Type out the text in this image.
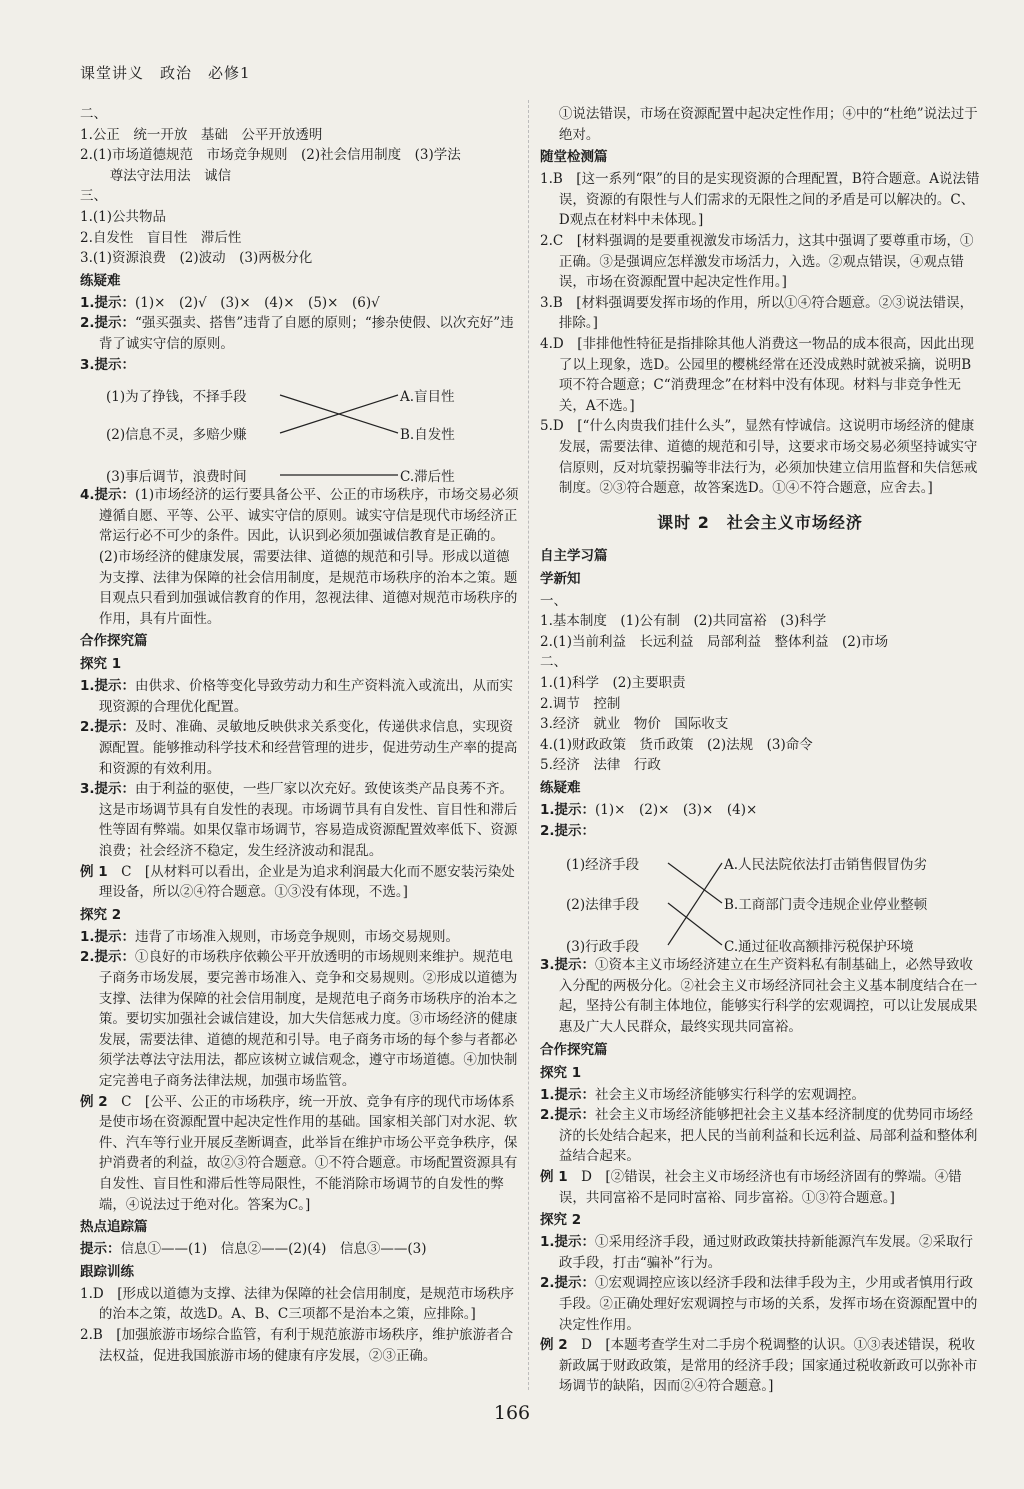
课堂讲义　政治　必修1

二、

1.公正　统一开放　基础　公平开放透明

2.(1)市场道德规范　市场竞争规则　(2)社会信用制度　(3)学法

尊法守法用法　诚信

三、

1.(1)公共物品

2.自发性　盲目性　滞后性

3.(1)资源浪费　(2)波动　(3)两极分化

练疑难

1.提示：(1)×　(2)√　(3)×　(4)×　(5)×　(6)√

2.提示：“强买强卖、搭售”违背了自愿的原则；“掺杂使假、以次充好”违背了诚实守信的原则。

3.提示：

(1)为了挣钱，不择手段
(2)信息不灵，多赔少赚
(3)事后调节，浪费时间
A.盲目性
B.自发性
C.滞后性

4.提示：(1)市场经济的运行要具备公平、公正的市场秩序，市场交易必须遵循自愿、平等、公平、诚实守信的原则。诚实守信是现代市场经济正常运行必不可少的条件。因此，认识到必须加强诚信教育是正确的。

(2)市场经济的健康发展，需要法律、道德的规范和引导。形成以道德为支撑、法律为保障的社会信用制度，是规范市场秩序的治本之策。题目观点只看到加强诚信教育的作用，忽视法律、道德对规范市场秩序的作用，具有片面性。

合作探究篇
探究 1

1.提示：由供求、价格等变化导致劳动力和生产资料流入或流出，从而实现资源的合理优化配置。

2.提示：及时、准确、灵敏地反映供求关系变化，传递供求信息，实现资源配置。能够推动科学技术和经营管理的进步，促进劳动生产率的提高和资源的有效利用。

3.提示：由于利益的驱使，一些厂家以次充好。致使该类产品良莠不齐。这是市场调节具有自发性的表现。市场调节具有自发性、盲目性和滞后性等固有弊端。如果仅靠市场调节，容易造成资源配置效率低下、资源浪费；社会经济不稳定，发生经济波动和混乱。

例 1　 C　[从材料可以看出，企业是为追求利润最大化而不愿安装污染处理设备，所以②④符合题意。①③没有体现，不选。]

探究 2

1.提示：违背了市场准入规则，市场竞争规则，市场交易规则。

2.提示：①良好的市场秩序依赖公平开放透明的市场规则来维护。规范电子商务市场发展，要完善市场准入、竞争和交易规则。②形成以道德为支撑、法律为保障的社会信用制度，是规范电子商务市场秩序的治本之策。要切实加强社会诚信建设，加大失信惩戒力度。③市场经济的健康发展，需要法律、道德的规范和引导。电子商务市场的每个参与者都必须学法尊法守法用法，都应该树立诚信观念，遵守市场道德。④加快制定完善电子商务法律法规，加强市场监管。

例 2　 C　[公平、公正的市场秩序，统一开放、竞争有序的现代市场体系是使市场在资源配置中起决定性作用的基础。国家相关部门对水泥、软件、汽车等行业开展反垄断调查，此举旨在维护市场公平竞争秩序，保护消费者的利益，故②③符合题意。①不符合题意。市场配置资源具有自发性、盲目性和滞后性等局限性，不能消除市场调节的自发性的弊端，④说法过于绝对化。答案为C。]

热点追踪篇

提示：信息①——(1)　信息②——(2)(4)　信息③——(3)

跟踪训练

1.D　[形成以道德为支撑、法律为保障的社会信用制度，是规范市场秩序的治本之策，故选D。A、B、C三项都不是治本之策，应排除。]

2.B　[加强旅游市场综合监管，有利于规范旅游市场秩序，维护旅游者合法权益，促进我国旅游市场的健康有序发展，②③正确。

①说法错误，市场在资源配置中起决定性作用；④中的“杜绝”说法过于绝对。

随堂检测篇

1.B　[这一系列“限”的目的是实现资源的合理配置，B符合题意。A说法错误，资源的有限性与人们需求的无限性之间的矛盾是可以解决的。C、D观点在材料中未体现。]

2.C　[材料强调的是要重视激发市场活力，这其中强调了要尊重市场，①正确。③是强调应怎样激发市场活力，入选。②观点错误，④观点错误，市场在资源配置中起决定性作用。]

3.B　[材料强调要发挥市场的作用，所以①④符合题意。②③说法错误，排除。]

4.D　[非排他性特征是指排除其他人消费这一物品的成本很高，因此出现了以上现象，选D。公园里的樱桃经常在还没成熟时就被采摘，说明B项不符合题意；C“消费理念”在材料中没有体现。材料与非竞争性无关，A不选。]

5.D　[“什么肉贵我们挂什么头”，显然有悖诚信。这说明市场经济的健康发展，需要法律、道德的规范和引导，这要求市场交易必须坚持诚实守信原则，反对坑蒙拐骗等非法行为，必须加快建立信用监督和失信惩戒制度。②③符合题意，故答案选D。①④不符合题意，应舍去。]

课时 2　社会主义市场经济
自主学习篇
学新知

一、

1.基本制度　(1)公有制　(2)共同富裕　(3)科学

2.(1)当前利益　长远利益　局部利益　整体利益　(2)市场

二、

1.(1)科学　(2)主要职责

2.调节　控制

3.经济　就业　物价　国际收支

4.(1)财政政策　货币政策　(2)法规　(3)命令

5.经济　法律　行政

练疑难

1.提示：(1)×　(2)×　(3)×　(4)×

2.提示：

(1)经济手段
(2)法律手段
(3)行政手段
A.人民法院依法打击销售假冒伪劣
B.工商部门责令违规企业停业整顿
C.通过征收高额排污税保护环境

3.提示：①资本主义市场经济建立在生产资料私有制基础上，必然导致收入分配的两极分化。②社会主义市场经济同社会主义基本制度结合在一起，坚持公有制主体地位，能够实行科学的宏观调控，可以让发展成果惠及广大人民群众，最终实现共同富裕。

合作探究篇
探究 1

1.提示：社会主义市场经济能够实行科学的宏观调控。

2.提示：社会主义市场经济能够把社会主义基本经济制度的优势同市场经济的长处结合起来，把人民的当前利益和长远利益、局部利益和整体利益结合起来。

例 1　 D　[②错误，社会主义市场经济也有市场经济固有的弊端。④错误，共同富裕不是同时富裕、同步富裕。①③符合题意。]

探究 2

1.提示：①采用经济手段，通过财政政策扶持新能源汽车发展。②采取行政手段，打击“骗补”行为。

2.提示：①宏观调控应该以经济手段和法律手段为主，少用或者慎用行政手段。②正确处理好宏观调控与市场的关系，发挥市场在资源配置中的决定性作用。

例 2　 D　[本题考查学生对二手房个税调整的认识。①③表述错误，税收新政属于财政政策，是常用的经济手段；国家通过税收新政可以弥补市场调节的缺陷，因而②④符合题意。]

166
